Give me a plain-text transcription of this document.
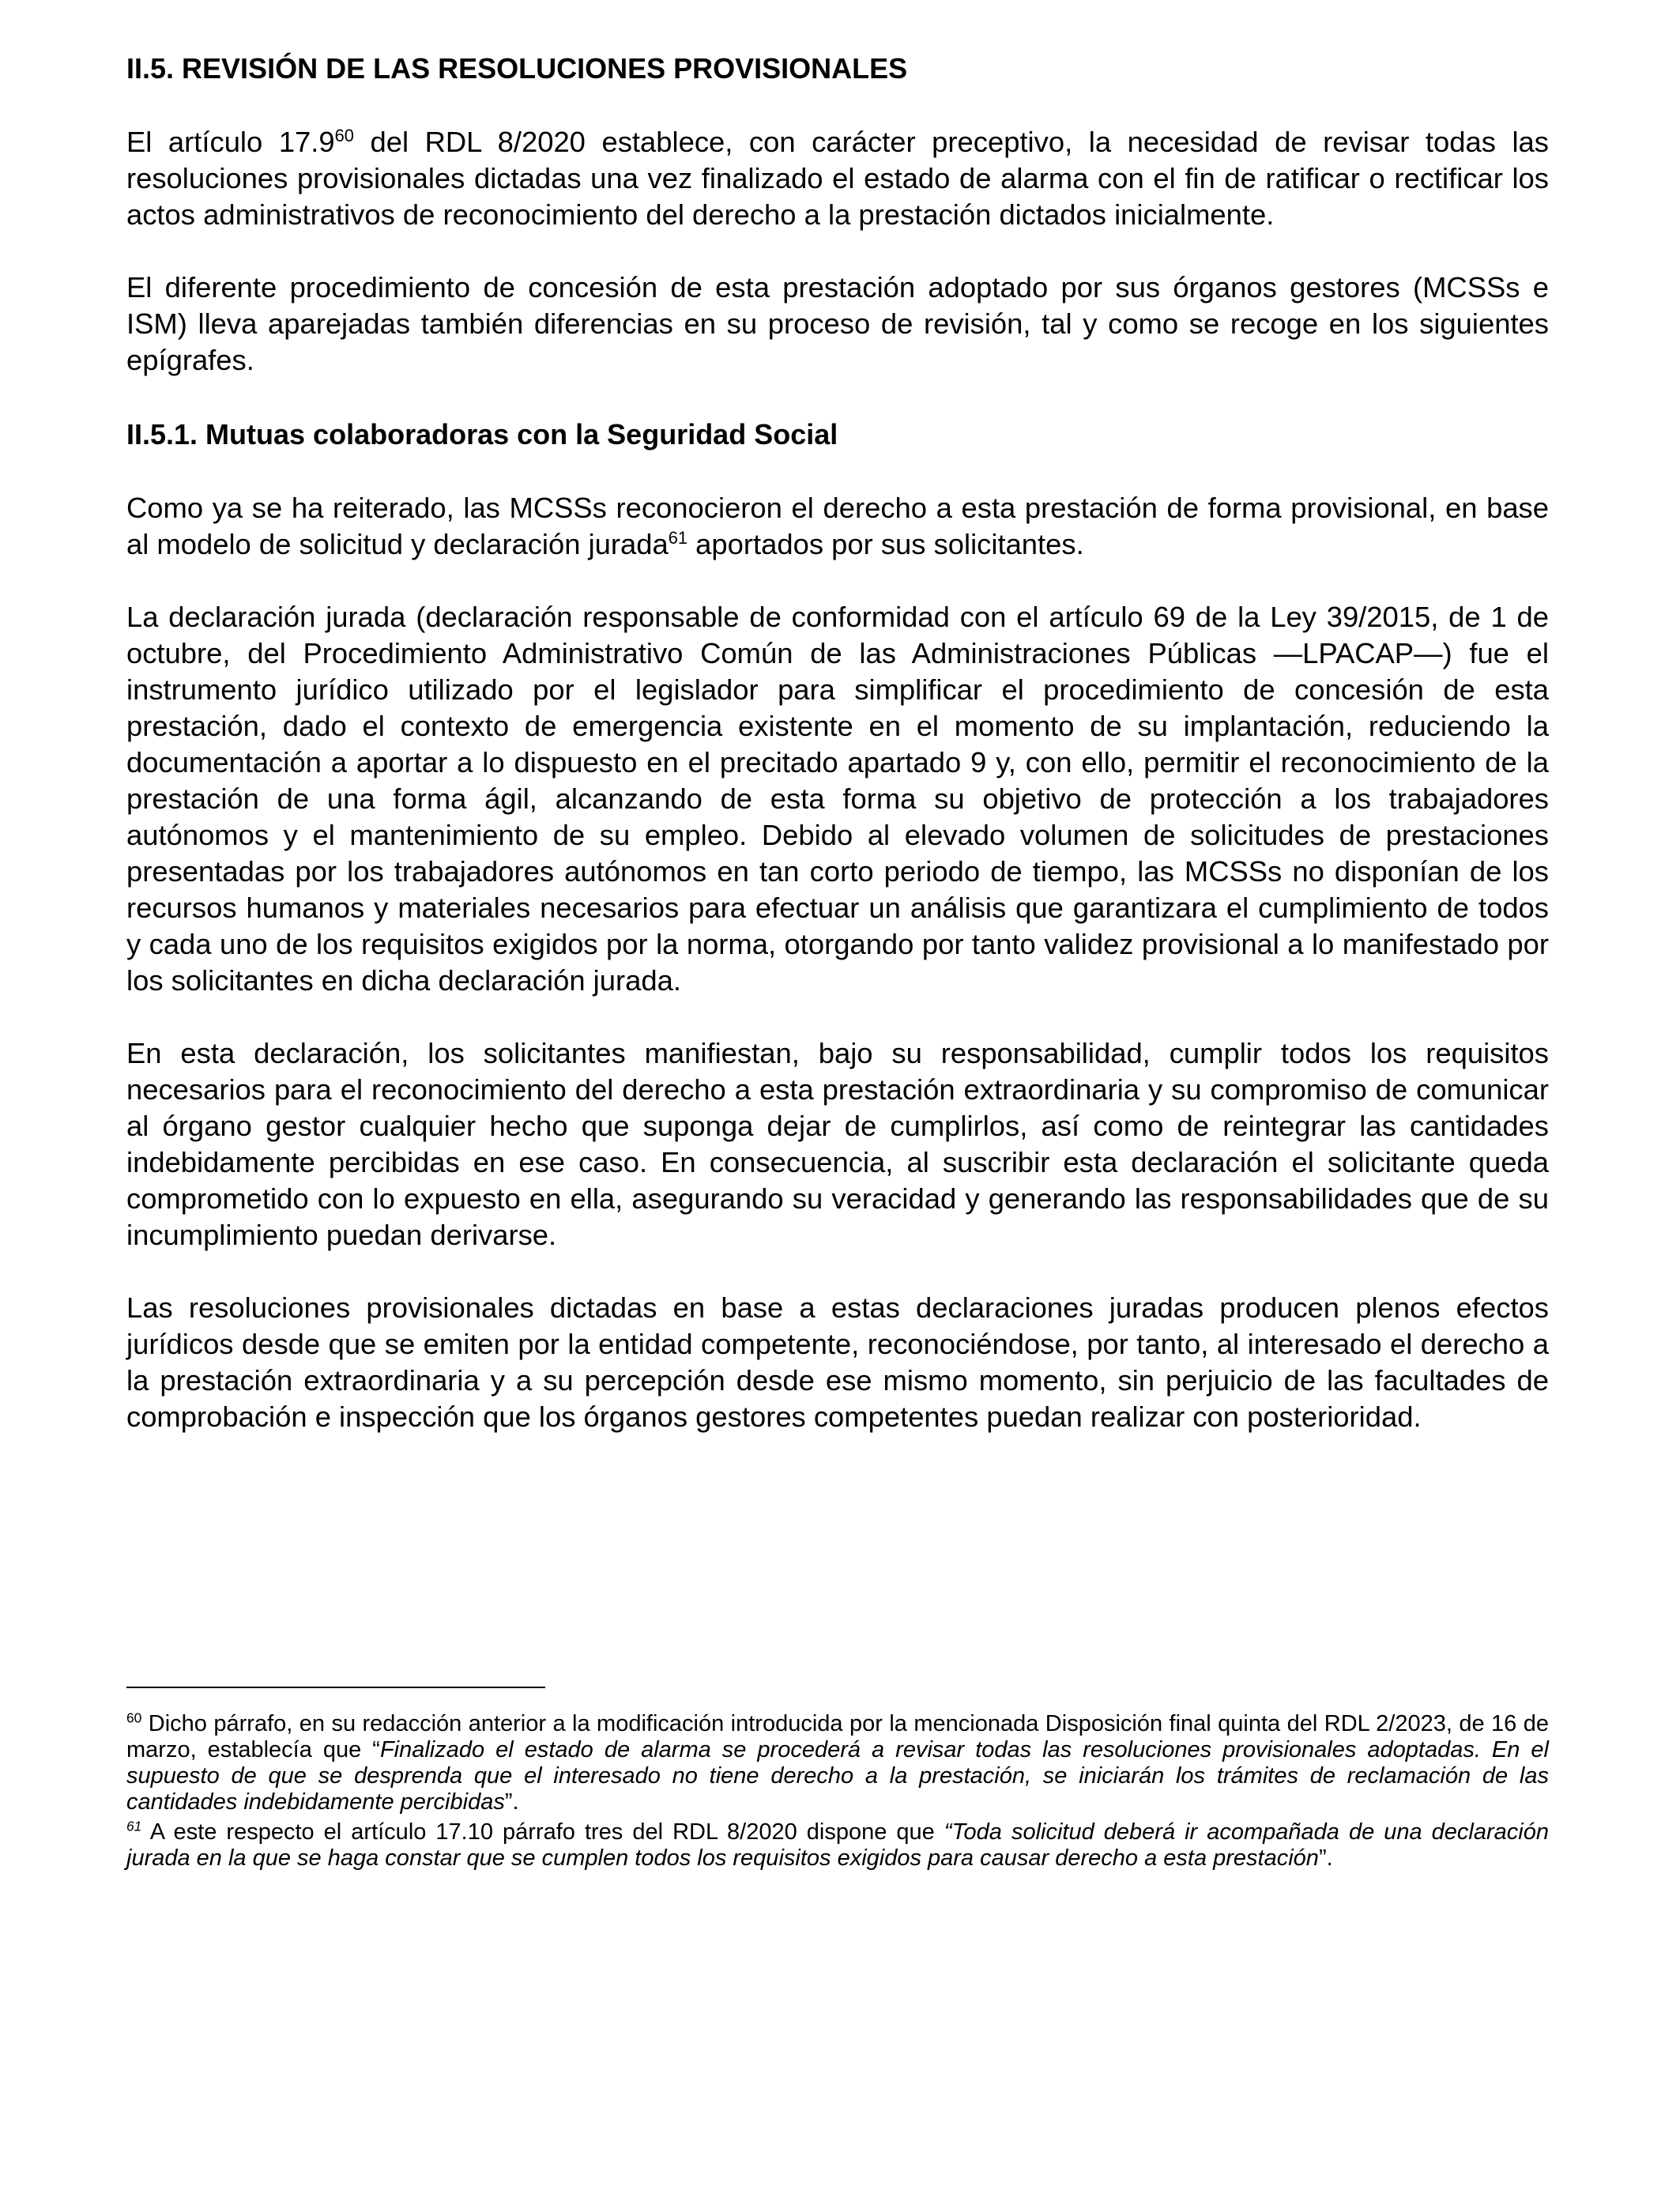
II.5. REVISIÓN DE LAS RESOLUCIONES PROVISIONALES

El artículo 17.9$^{60}$ del RDL 8/2020 establece, con carácter preceptivo, la necesidad de revisar todas las resoluciones provisionales dictadas una vez finalizado el estado de alarma con el fin de ratificar o rectificar los actos administrativos de reconocimiento del derecho a la prestación dictados inicialmente.

El diferente procedimiento de concesión de esta prestación adoptado por sus órganos gestores (MCSSs e ISM) lleva aparejadas también diferencias en su proceso de revisión, tal y como se recoge en los siguientes epígrafes.

II.5.1. Mutuas colaboradoras con la Seguridad Social

Como ya se ha reiterado, las MCSSs reconocieron el derecho a esta prestación de forma provisional, en base al modelo de solicitud y declaración jurada$^{61}$ aportados por sus solicitantes.

La declaración jurada (declaración responsable de conformidad con el artículo 69 de la Ley 39/2015, de 1 de octubre, del Procedimiento Administrativo Común de las Administraciones Públicas —LPACAP—) fue el instrumento jurídico utilizado por el legislador para simplificar el procedimiento de concesión de esta prestación, dado el contexto de emergencia existente en el momento de su implantación, reduciendo la documentación a aportar a lo dispuesto en el precitado apartado 9 y, con ello, permitir el reconocimiento de la prestación de una forma ágil, alcanzando de esta forma su objetivo de protección a los trabajadores autónomos y el mantenimiento de su empleo. Debido al elevado volumen de solicitudes de prestaciones presentadas por los trabajadores autónomos en tan corto periodo de tiempo, las MCSSs no disponían de los recursos humanos y materiales necesarios para efectuar un análisis que garantizara el cumplimiento de todos y cada uno de los requisitos exigidos por la norma, otorgando por tanto validez provisional a lo manifestado por los solicitantes en dicha declaración jurada.

En esta declaración, los solicitantes manifiestan, bajo su responsabilidad, cumplir todos los requisitos necesarios para el reconocimiento del derecho a esta prestación extraordinaria y su compromiso de comunicar al órgano gestor cualquier hecho que suponga dejar de cumplirlos, así como de reintegrar las cantidades indebidamente percibidas en ese caso. En consecuencia, al suscribir esta declaración el solicitante queda comprometido con lo expuesto en ella, asegurando su veracidad y generando las responsabilidades que de su incumplimiento puedan derivarse.

Las resoluciones provisionales dictadas en base a estas declaraciones juradas producen plenos efectos jurídicos desde que se emiten por la entidad competente, reconociéndose, por tanto, al interesado el derecho a la prestación extraordinaria y a su percepción desde ese mismo momento, sin perjuicio de las facultades de comprobación e inspección que los órganos gestores competentes puedan realizar con posterioridad.

$^{60}$ Dicho párrafo, en su redacción anterior a la modificación introducida por la mencionada Disposición final quinta del RDL 2/2023, de 16 de marzo, establecía que “Finalizado el estado de alarma se procederá a revisar todas las resoluciones provisionales adoptadas. En el supuesto de que se desprenda que el interesado no tiene derecho a la prestación, se iniciarán los trámites de reclamación de las cantidades indebidamente percibidas”.

$^{61}$ A este respecto el artículo 17.10 párrafo tres del RDL 8/2020 dispone que “Toda solicitud deberá ir acompañada de una declaración jurada en la que se haga constar que se cumplen todos los requisitos exigidos para causar derecho a esta prestación”.
